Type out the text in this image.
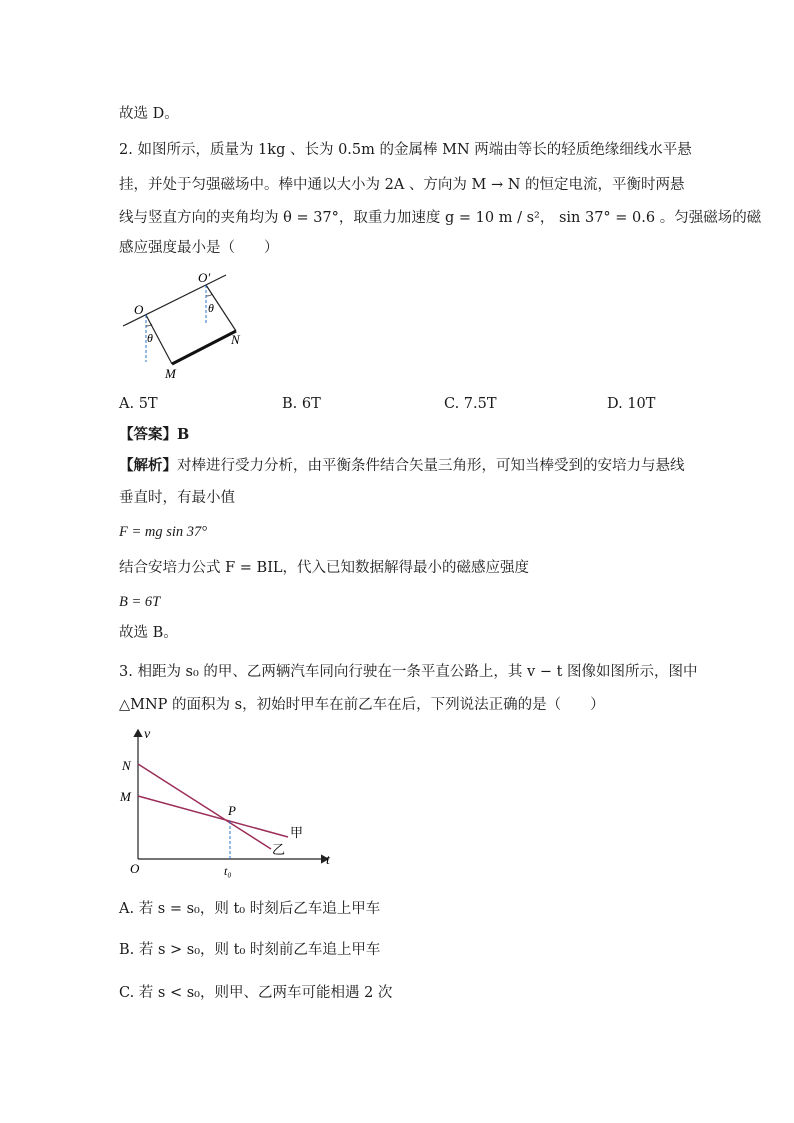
故选 D。
2. 如图所示，质量为 1kg 、长为 0.5m 的金属棒 MN 两端由等长的轻质绝缘细线水平悬
挂，并处于匀强磁场中。棒中通以大小为 2A 、方向为 M → N 的恒定电流，平衡时两悬
线与竖直方向的夹角均为 θ = 37°，取重力加速度 g = 10 m / s²， sin 37° = 0.6 。匀强磁场的磁
感应强度最小是（　　）
O
O′
θ
θ
M
N
A. 5T	B. 6T	C. 7.5T	D. 10T
【答案】B
【解析】对棒进行受力分析，由平衡条件结合矢量三角形，可知当棒受到的安培力与悬线
垂直时，有最小值
F = mg sin 37°
结合安培力公式 F = BIL，代入已知数据解得最小的磁感应强度
B = 6T
故选 B。
3. 相距为 s₀ 的甲、乙两辆汽车同向行驶在一条平直公路上，其 v − t 图像如图所示，图中
△MNP 的面积为 s，初始时甲车在前乙车在后，下列说法正确的是（　　）
v
t
O
N
M
P
t₀
甲
乙
A. 若 s = s₀，则 t₀ 时刻后乙车追上甲车
B. 若 s > s₀，则 t₀ 时刻前乙车追上甲车
C. 若 s < s₀，则甲、乙两车可能相遇 2 次
